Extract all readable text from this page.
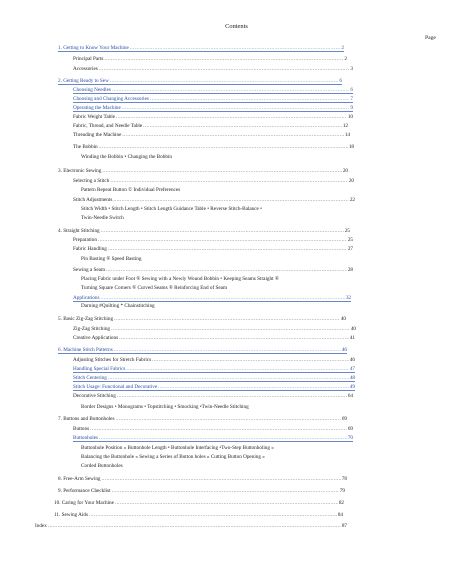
Contents
Page
1. Getting to Know Your Machine .....	2
Principal Parts .....	2
Accessories .....	3
2. Getting Ready to Sew .....	6
Choosing Needles .....	6
Choosing and Changing Accessories .....	7
Operating the Machine .....	9
Fabric Weight Table .....	10
Fabric, Thread, and Needle Table .....	12
Threading the Machine .....	14
The Bobbin .....	18
Winding the Bobbin • Changing the Bobbin
3. Electronic Sewing .....	20
Selecting a Stitch .....	20
Pattern Repeat Button © Individual Preferences
Stitch Adjustments .....	22
Stitch Width • Stitch Length • Stitch Length Guidance Table • Reverse Stitch-Balance •
Twin-Needle Switch
4. Straight Stitching .....	25
Preparation .....	25
Fabric Handling .....	27
Pin Basting ® Speed Basting
Sewing a Seam .....	28
Placing Fabric under Foot ® Sewing with a Newly Wound Bobbin • Keeping Seams Straight ®
Turning Square Corners ® Curved Seams ® Reinforcing End of Seam
Applications .....	32
Darning #Quilting * Chainstitching
5. Basic Zig-Zag Stitching .....	40
Zig-Zag Stitching .....	40
Creative Applications .....	41
6. Machine Stitch Patterns .....	46
Adjusting Stitches for Stretch Fabrics .....	46
Handling Special Fabrics .....	47
Stitch Centering .....	48
Stitch Usage: Functional and Decorative .....	49
Decorative Stitching .....	64
Border Designs • Monograms • Topstitching • Smocking •Twin-Needle Stitching
7. Buttons and Buttonholes .....	69
Buttons .....	69
Buttonholes .....	70
Buttonhole Position » Buttonhole Length • Buttonhole Interfacing •Two-Step Buttonholing »
Balancing the Buttonhole » Sewing a Series of Button holes » Cutting Button Opening »
Corded Buttonholes
8. Free-Arm Sewing .....	78
9. Performance Checklist .....	79
10. Caring for Your Machine .....	82
11. Sewing Aids .....	84
Index .....	87
